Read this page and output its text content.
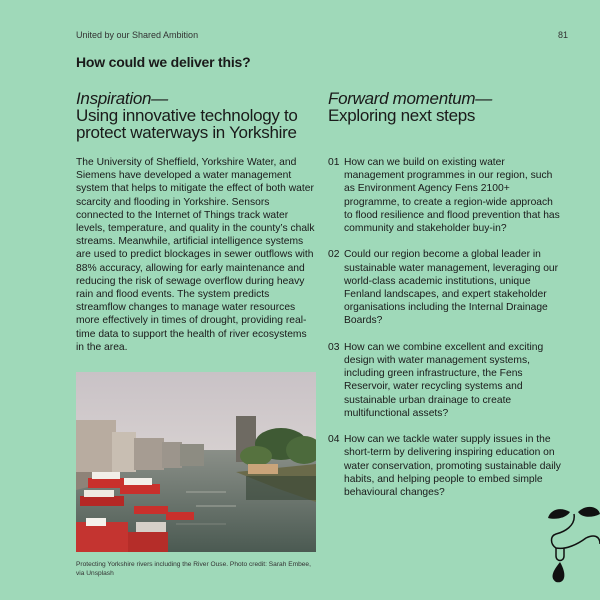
United by our Shared Ambition	81
How could we deliver this?
Inspiration—
Using innovative technology to protect waterways in Yorkshire

The University of Sheffield, Yorkshire Water, and Siemens have developed a water management system that helps to mitigate the effect of both water scarcity and flooding in Yorkshire. Sensors connected to the Internet of Things track water levels, temperature, and quality in the county’s chalk streams. Meanwhile, artificial intelligence systems are used to predict blockages in sewer outflows with 88% accuracy, allowing for early maintenance and reducing the risk of sewage overflow during heavy rain and flood events. The system predicts streamflow changes to manage water resources more effectively in times of drought, providing real-time data to support the health of river ecosystems in the area.

Protecting Yorkshire rivers including the River Ouse. Photo credit: Sarah Embee, via Unsplash

Forward momentum—
Exploring next steps
01 How can we build on existing water management programmes in our region, such as Environment Agency Fens 2100+ programme, to create a region-wide approach to flood resilience and flood prevention that has community and stakeholder buy-in?
02 Could our region become a global leader in sustainable water management, leveraging our world-class academic institutions, unique Fenland landscapes, and expert stakeholder organisations including the Internal Drainage Boards?
03 How can we combine excellent and exciting design with water management systems, including green infrastructure, the Fens Reservoir, water recycling systems and sustainable urban drainage to create multifunctional assets?
04 How can we tackle water supply issues in the short-term by delivering inspiring education on water conservation, promoting sustainable daily habits, and helping people to embed simple behavioural changes?
